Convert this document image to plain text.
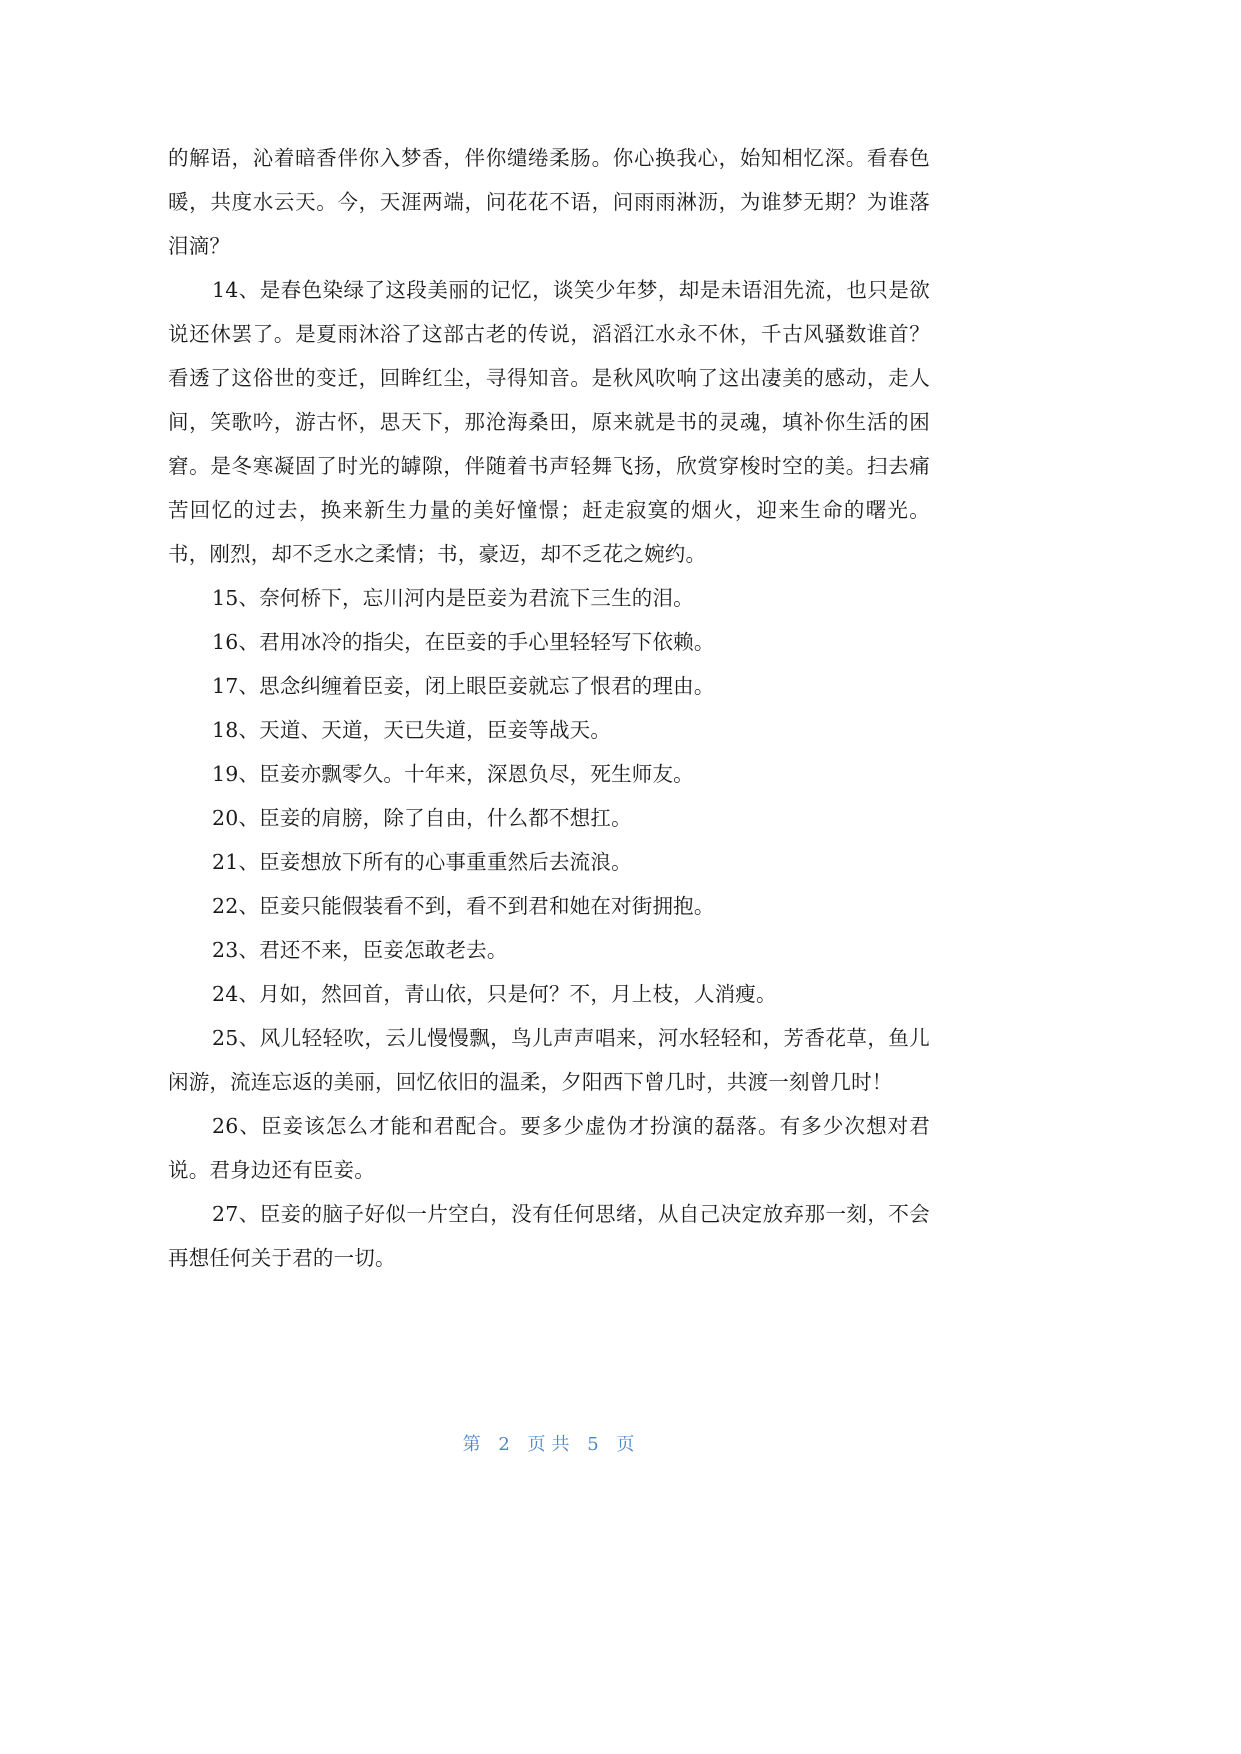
的解语，沁着暗香伴你入梦香，伴你缱绻柔肠。你心换我心，始知相忆深。看春色暖，共度水云天。今，天涯两端，问花花不语，问雨雨淋沥，为谁梦无期？为谁落泪滴？

14、是春色染绿了这段美丽的记忆，谈笑少年梦，却是未语泪先流，也只是欲说还休罢了。是夏雨沐浴了这部古老的传说，滔滔江水永不休，千古风骚数谁首？看透了这俗世的变迁，回眸红尘，寻得知音。是秋风吹响了这出凄美的感动，走人间，笑歌吟，游古怀，思天下，那沧海桑田，原来就是书的灵魂，填补你生活的困窘。是冬寒凝固了时光的罅隙，伴随着书声轻舞飞扬，欣赏穿梭时空的美。扫去痛苦回忆的过去，换来新生力量的美好憧憬；赶走寂寞的烟火，迎来生命的曙光。书，刚烈，却不乏水之柔情；书，豪迈，却不乏花之婉约。

15、奈何桥下，忘川河内是臣妾为君流下三生的泪。

16、君用冰冷的指尖，在臣妾的手心里轻轻写下依赖。

17、思念纠缠着臣妾，闭上眼臣妾就忘了恨君的理由。

18、天道、天道，天已失道，臣妾等战天。

19、臣妾亦飘零久。十年来，深恩负尽，死生师友。

20、臣妾的肩膀，除了自由，什么都不想扛。

21、臣妾想放下所有的心事重重然后去流浪。

22、臣妾只能假装看不到，看不到君和她在对街拥抱。

23、君还不来，臣妾怎敢老去。

24、月如，然回首，青山依，只是何？不，月上枝，人消瘦。

25、风儿轻轻吹，云儿慢慢飘，鸟儿声声唱来，河水轻轻和，芳香花草，鱼儿闲游，流连忘返的美丽，回忆依旧的温柔，夕阳西下曾几时，共渡一刻曾几时！

26、臣妾该怎么才能和君配合。要多少虚伪才扮演的磊落。有多少次想对君说。君身边还有臣妾。

27、臣妾的脑子好似一片空白，没有任何思绪，从自己决定放弃那一刻，不会再想任何关于君的一切。

第 2 页共 5 页
